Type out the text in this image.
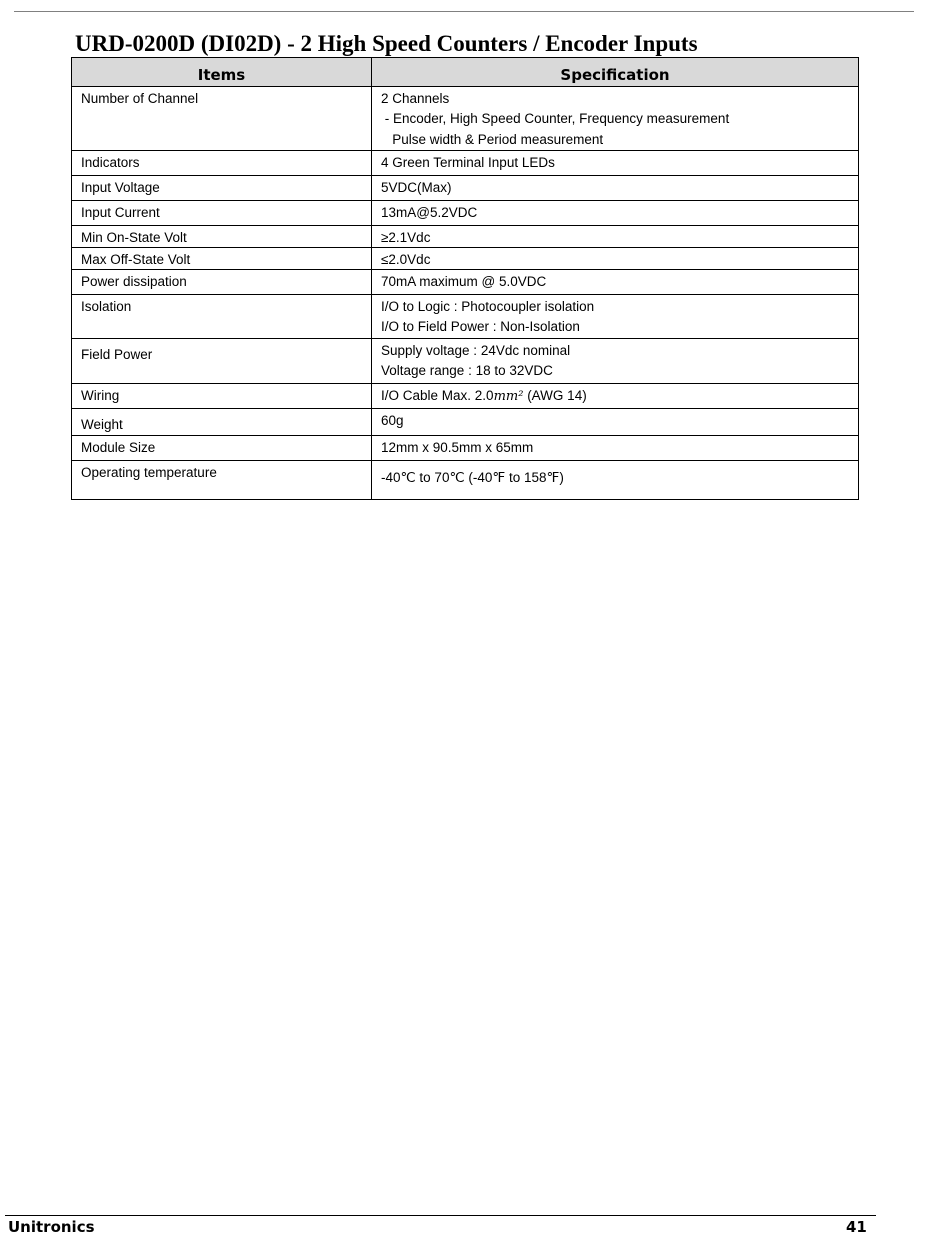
URD-0200D (DI02D) - 2 High Speed Counters / Encoder Inputs
Items	Specification
Number of Channel	2 Channels
- Encoder, High Speed Counter, Frequency measurement
Pulse width & Period measurement

Indicators	4 Green Terminal Input LEDs
Input Voltage	5VDC(Max)
Input Current	13mA@5.2VDC
Min On-State Volt	≥2.1Vdc
Max Off-State Volt	≤2.0Vdc
Power dissipation	70mA maximum @ 5.0VDC
Isolation	I/O to Logic : Photocoupler isolation
I/O to Field Power : Non-Isolation

Field Power	Supply voltage : 24Vdc nominal
Voltage range : 18 to 32VDC

Wiring	I/O Cable Max. 2.0mm² (AWG 14)
Weight	60g
Module Size	12mm x 90.5mm x 65mm
Operating temperature	-40℃ to 70℃ (-40℉ to 158℉)
Unitronics	41
